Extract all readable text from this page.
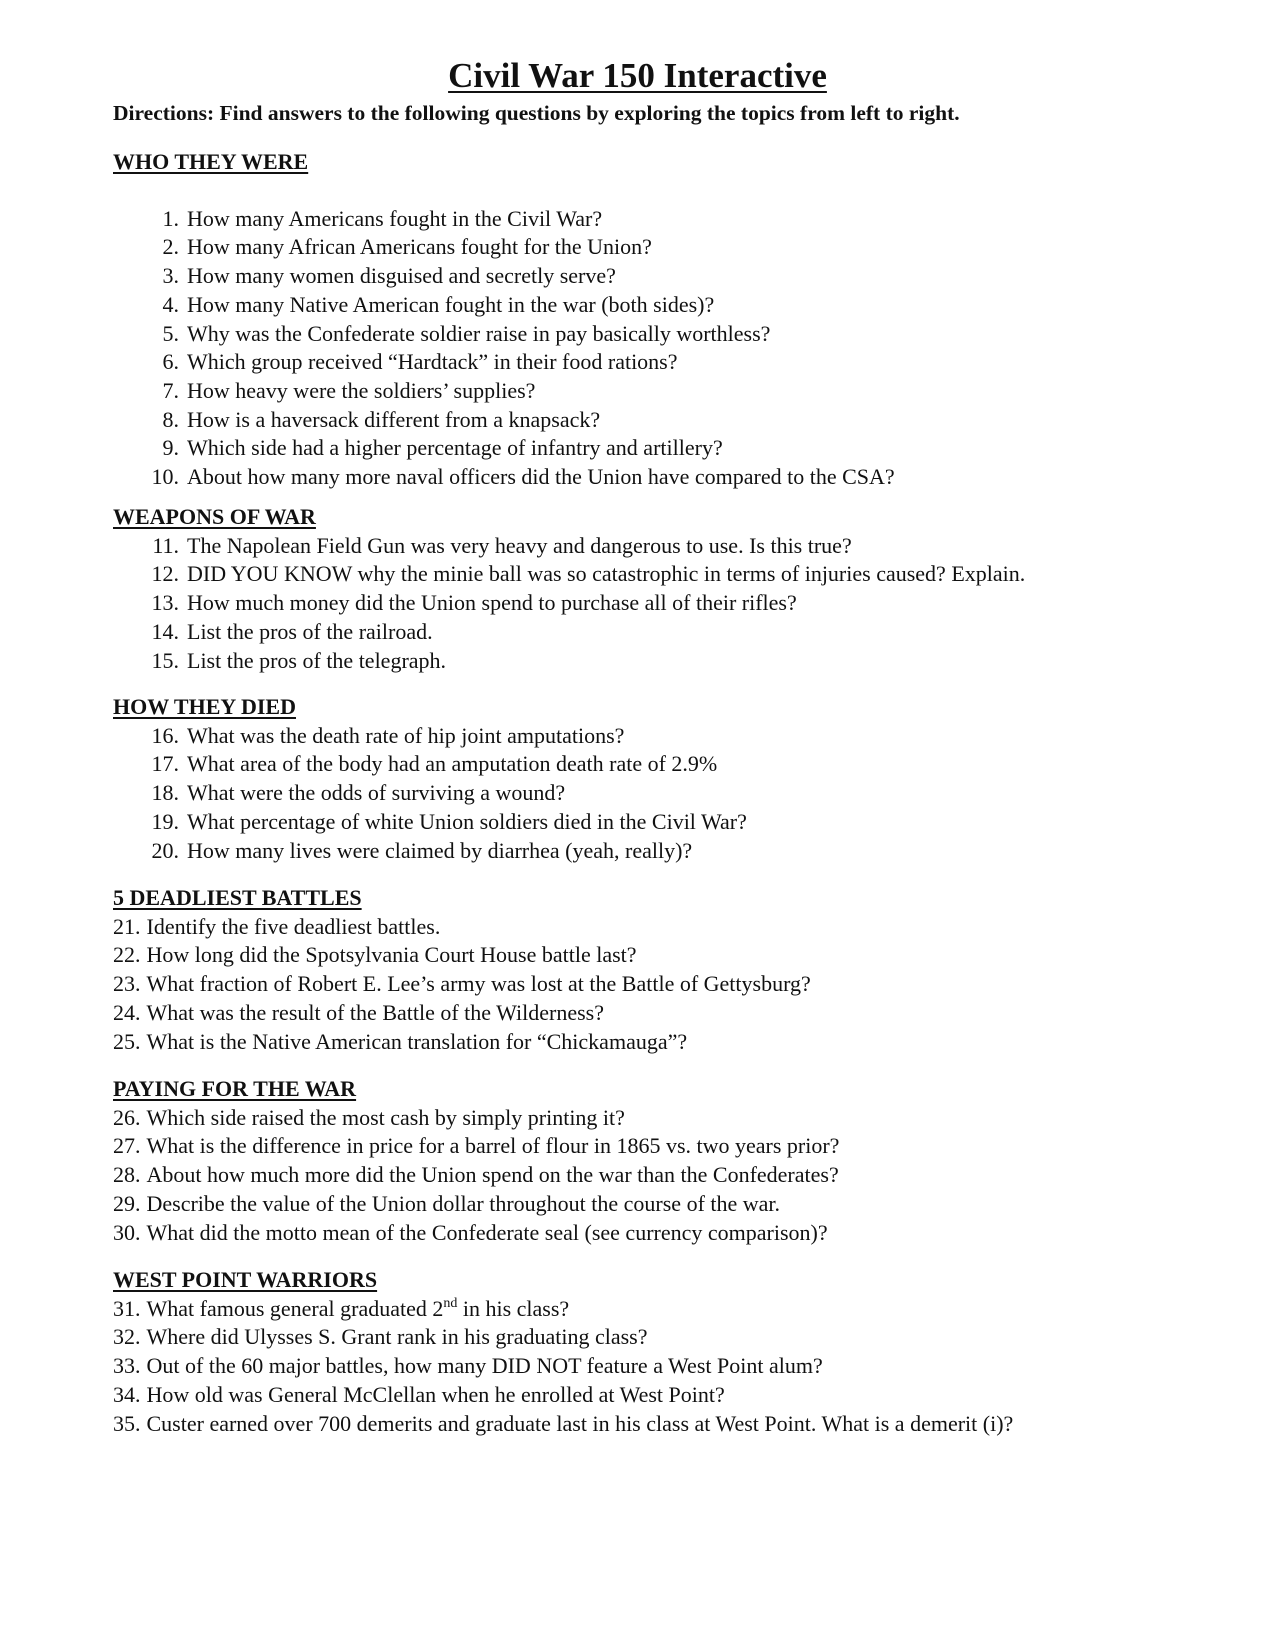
Civil War 150 Interactive
Directions: Find answers to the following questions by exploring the topics from left to right.
WHO THEY WERE
1. How many Americans fought in the Civil War?
2. How many African Americans fought for the Union?
3. How many women disguised and secretly serve?
4. How many Native American fought in the war (both sides)?
5. Why was the Confederate soldier raise in pay basically worthless?
6. Which group received “Hardtack” in their food rations?
7. How heavy were the soldiers’ supplies?
8. How is a haversack different from a knapsack?
9. Which side had a higher percentage of infantry and artillery?
10. About how many more naval officers did the Union have compared to the CSA?
WEAPONS OF WAR
11. The Napolean Field Gun was very heavy and dangerous to use. Is this true?
12. DID YOU KNOW why the minie ball was so catastrophic in terms of injuries caused? Explain.
13. How much money did the Union spend to purchase all of their rifles?
14. List the pros of the railroad.
15. List the pros of the telegraph.
HOW THEY DIED
16. What was the death rate of hip joint amputations?
17. What area of the body had an amputation death rate of 2.9%
18. What were the odds of surviving a wound?
19. What percentage of white Union soldiers died in the Civil War?
20. How many lives were claimed by diarrhea (yeah, really)?
5 DEADLIEST BATTLES
21. Identify the five deadliest battles.
22. How long did the Spotsylvania Court House battle last?
23. What fraction of Robert E. Lee’s army was lost at the Battle of Gettysburg?
24. What was the result of the Battle of the Wilderness?
25. What is the Native American translation for “Chickamauga”?
PAYING FOR THE WAR
26. Which side raised the most cash by simply printing it?
27. What is the difference in price for a barrel of flour in 1865 vs. two years prior?
28. About how much more did the Union spend on the war than the Confederates?
29. Describe the value of the Union dollar throughout the course of the war.
30. What did the motto mean of the Confederate seal (see currency comparison)?
WEST POINT WARRIORS
31. What famous general graduated 2nd in his class?
32. Where did Ulysses S. Grant rank in his graduating class?
33. Out of the 60 major battles, how many DID NOT feature a West Point alum?
34. How old was General McClellan when he enrolled at West Point?
35. Custer earned over 700 demerits and graduate last in his class at West Point. What is a demerit (i)?
